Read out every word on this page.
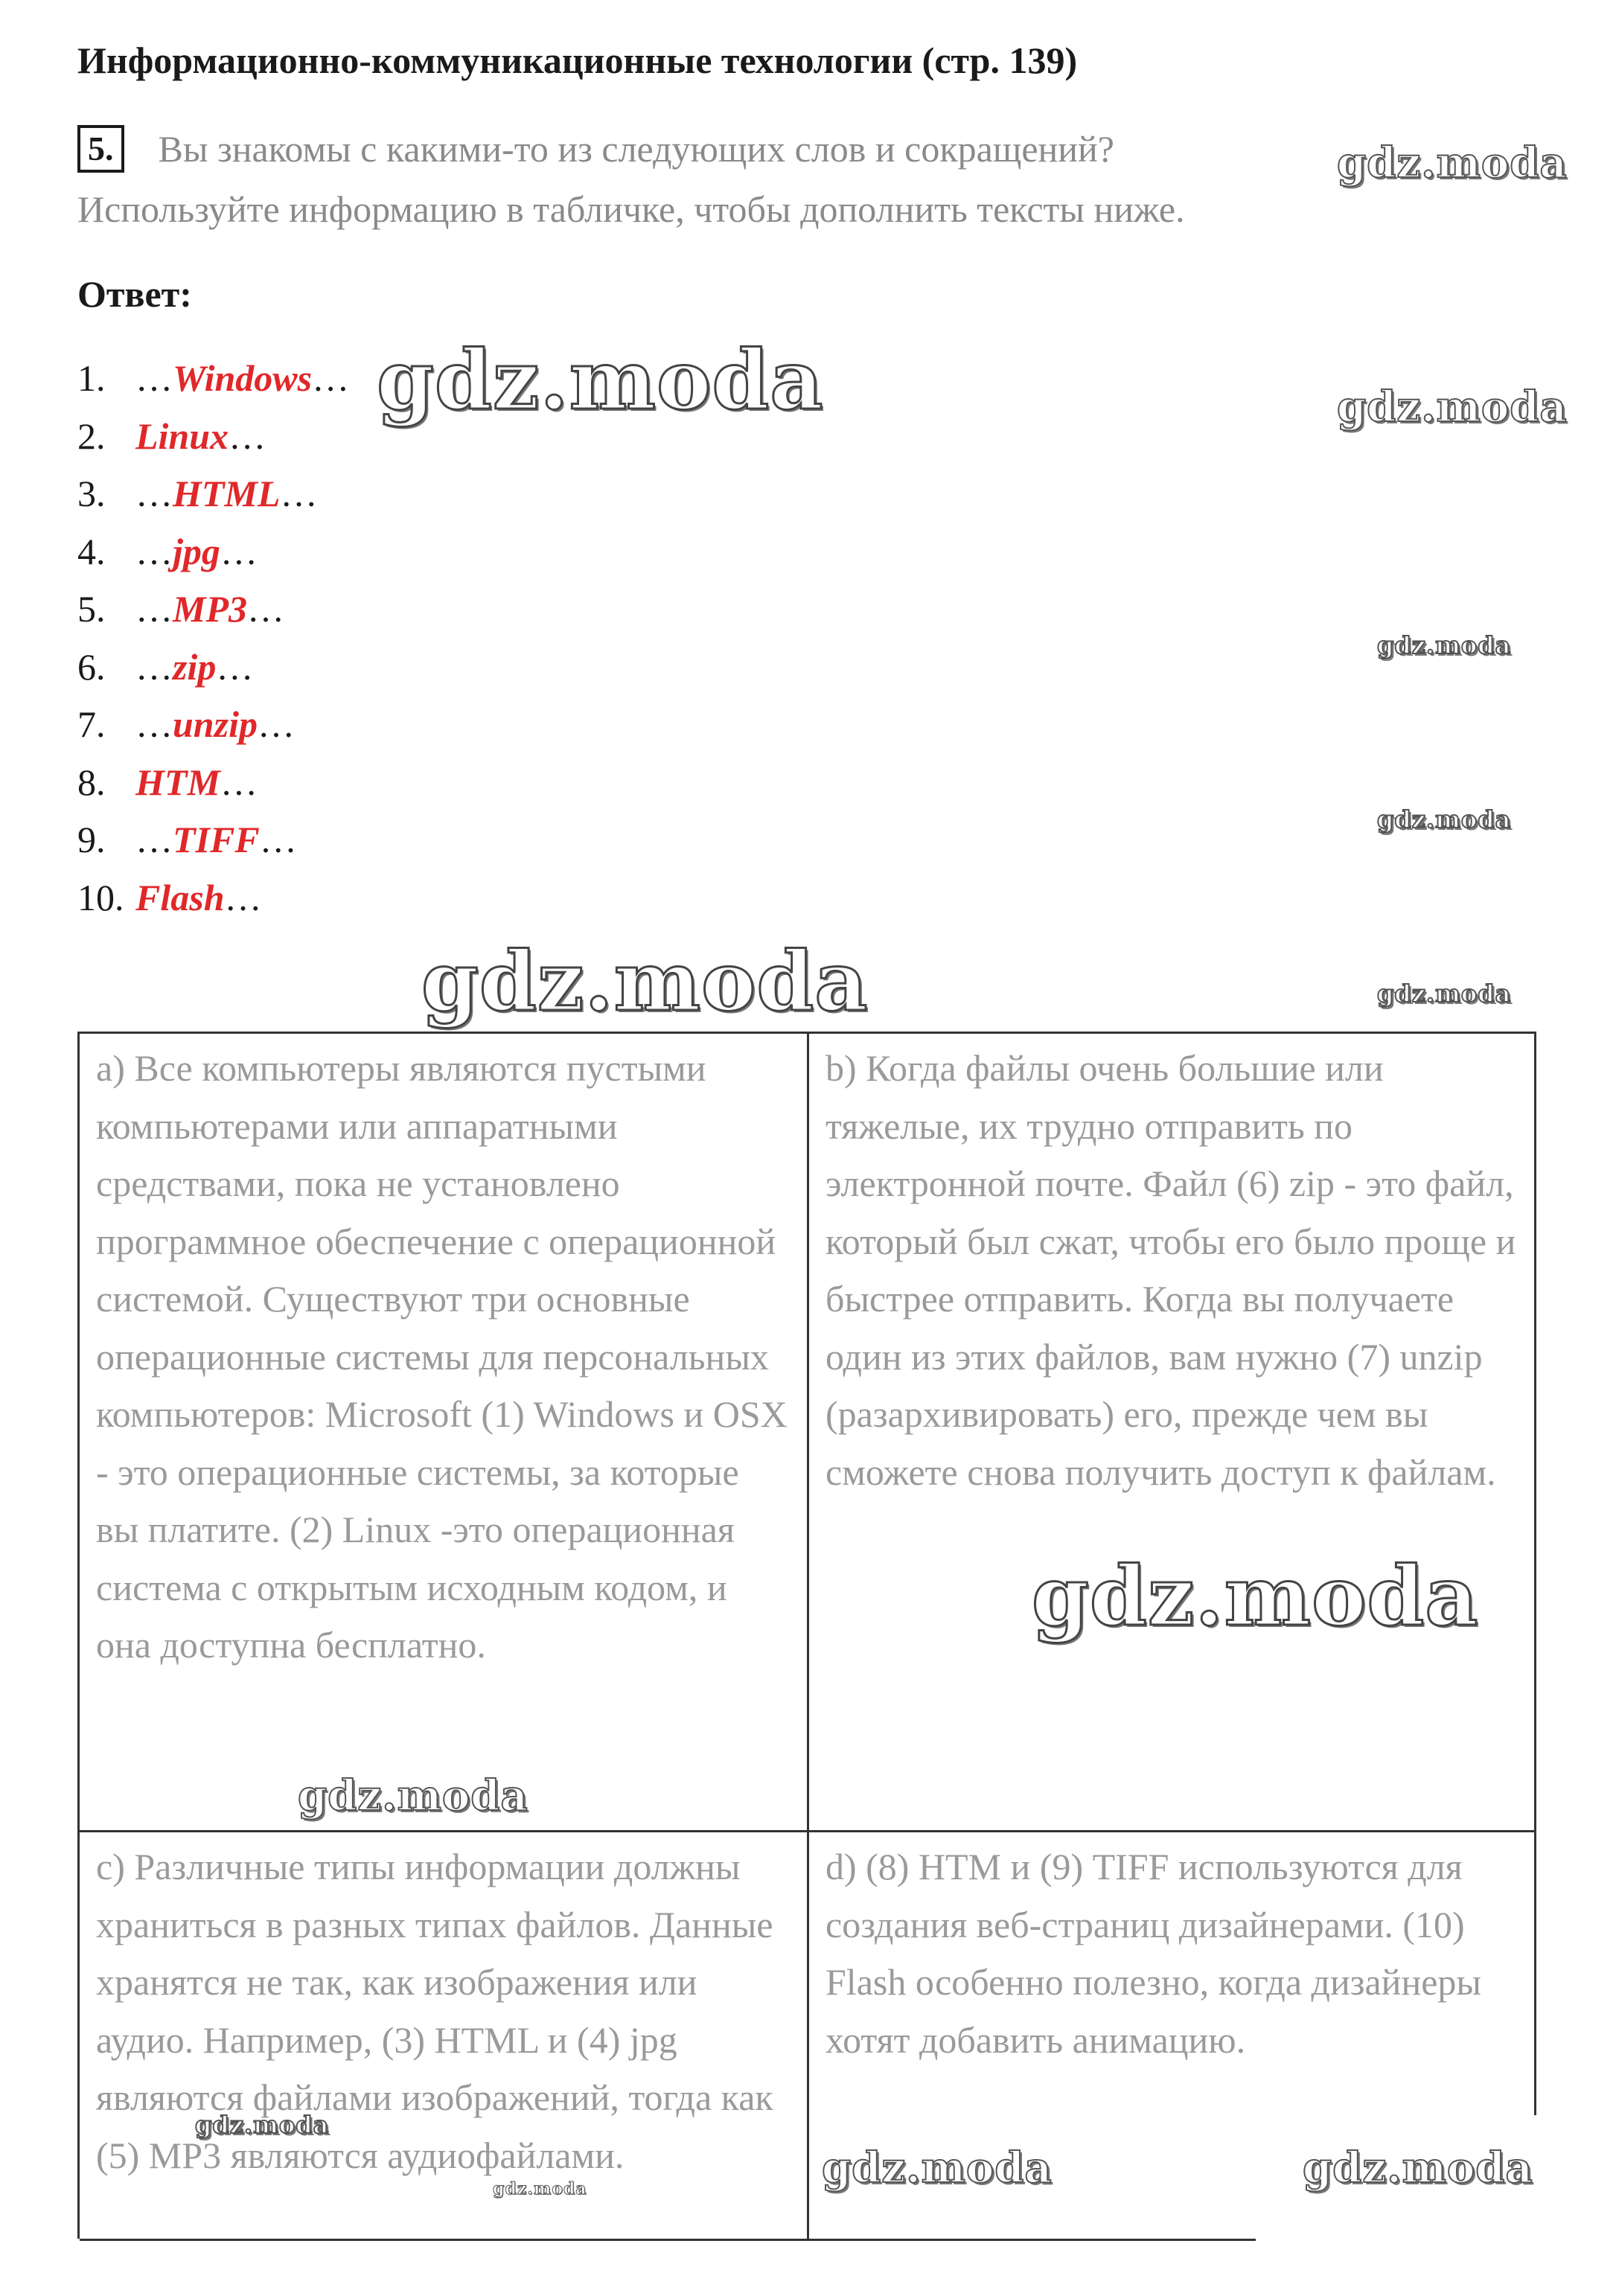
Информационно-коммуникационные технологии (стр. 139)
5. Вы знакомы с какими-то из следующих слов и сокращений?
Используйте информацию в табличке, чтобы дополнить тексты ниже.
Ответ:
1. …Windows…
2. Linux…
3. …HTML…
4. …jpg…
5. …MP3…
6. …zip…
7. …unzip…
8. HTM…
9. …TIFF…
10. Flash…
a) Все компьютеры являются пустыми компьютерами или аппаратными средствами, пока не установлено программное обеспечение с операционной системой. Существуют три основные операционные системы для персональных компьютеров: Microsoft (1) Windows и OSX - это операционные системы, за которые вы платите. (2) Linux -это операционная система с открытым исходным кодом, и она доступна бесплатно.
b) Когда файлы очень большие или тяжелые, их трудно отправить по электронной почте. Файл (6) zip - это файл, который был сжат, чтобы его было проще и быстрее отправить. Когда вы получаете один из этих файлов, вам нужно (7) unzip (разархивировать) его, прежде чем вы сможете снова получить доступ к файлам.
c) Различные типы информации должны храниться в разных типах файлов. Данные хранятся не так, как изображения или аудио. Например, (3) HTML и (4) jpg являются файлами изображений, тогда как (5) MP3 являются аудиофайлами.
d) (8) HTM и (9) TIFF используются для создания веб-страниц дизайнерами. (10) Flash особенно полезно, когда дизайнеры хотят добавить анимацию.
gdz.moda
gdz.moda	gdz.moda
gdz.moda
gdz.moda
gdz.moda	gdz.moda
gdz.moda
gdz.moda
gdz.moda
gdz.moda	gdz.moda	gdz.moda
